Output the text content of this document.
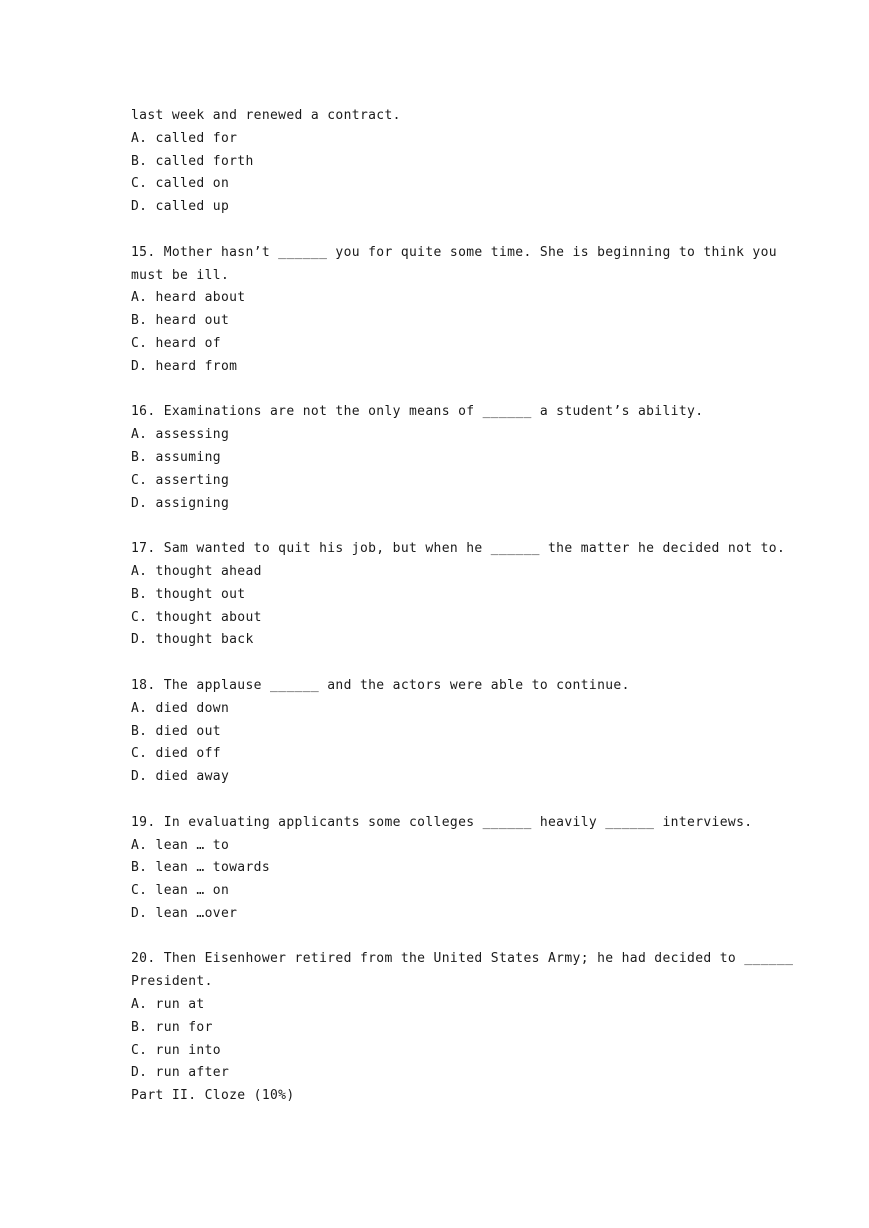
last week and renewed a contract.
A. called for
B. called forth
C. called on
D. called up
15. Mother hasn’t ______ you for quite some time. She is beginning to think you
must be ill.
A. heard about
B. heard out
C. heard of
D. heard from
16. Examinations are not the only means of ______ a student’s ability.
A. assessing
B. assuming
C. asserting
D. assigning
17. Sam wanted to quit his job, but when he ______ the matter he decided not to.
A. thought ahead
B. thought out
C. thought about
D. thought back
18. The applause ______ and the actors were able to continue.
A. died down
B. died out
C. died off
D. died away
19. In evaluating applicants some colleges ______ heavily ______ interviews.
A. lean … to
B. lean … towards
C. lean … on
D. lean …over
20. Then Eisenhower retired from the United States Army; he had decided to ______
President.
A. run at
B. run for
C. run into
D. run after
Part II. Cloze (10%)
